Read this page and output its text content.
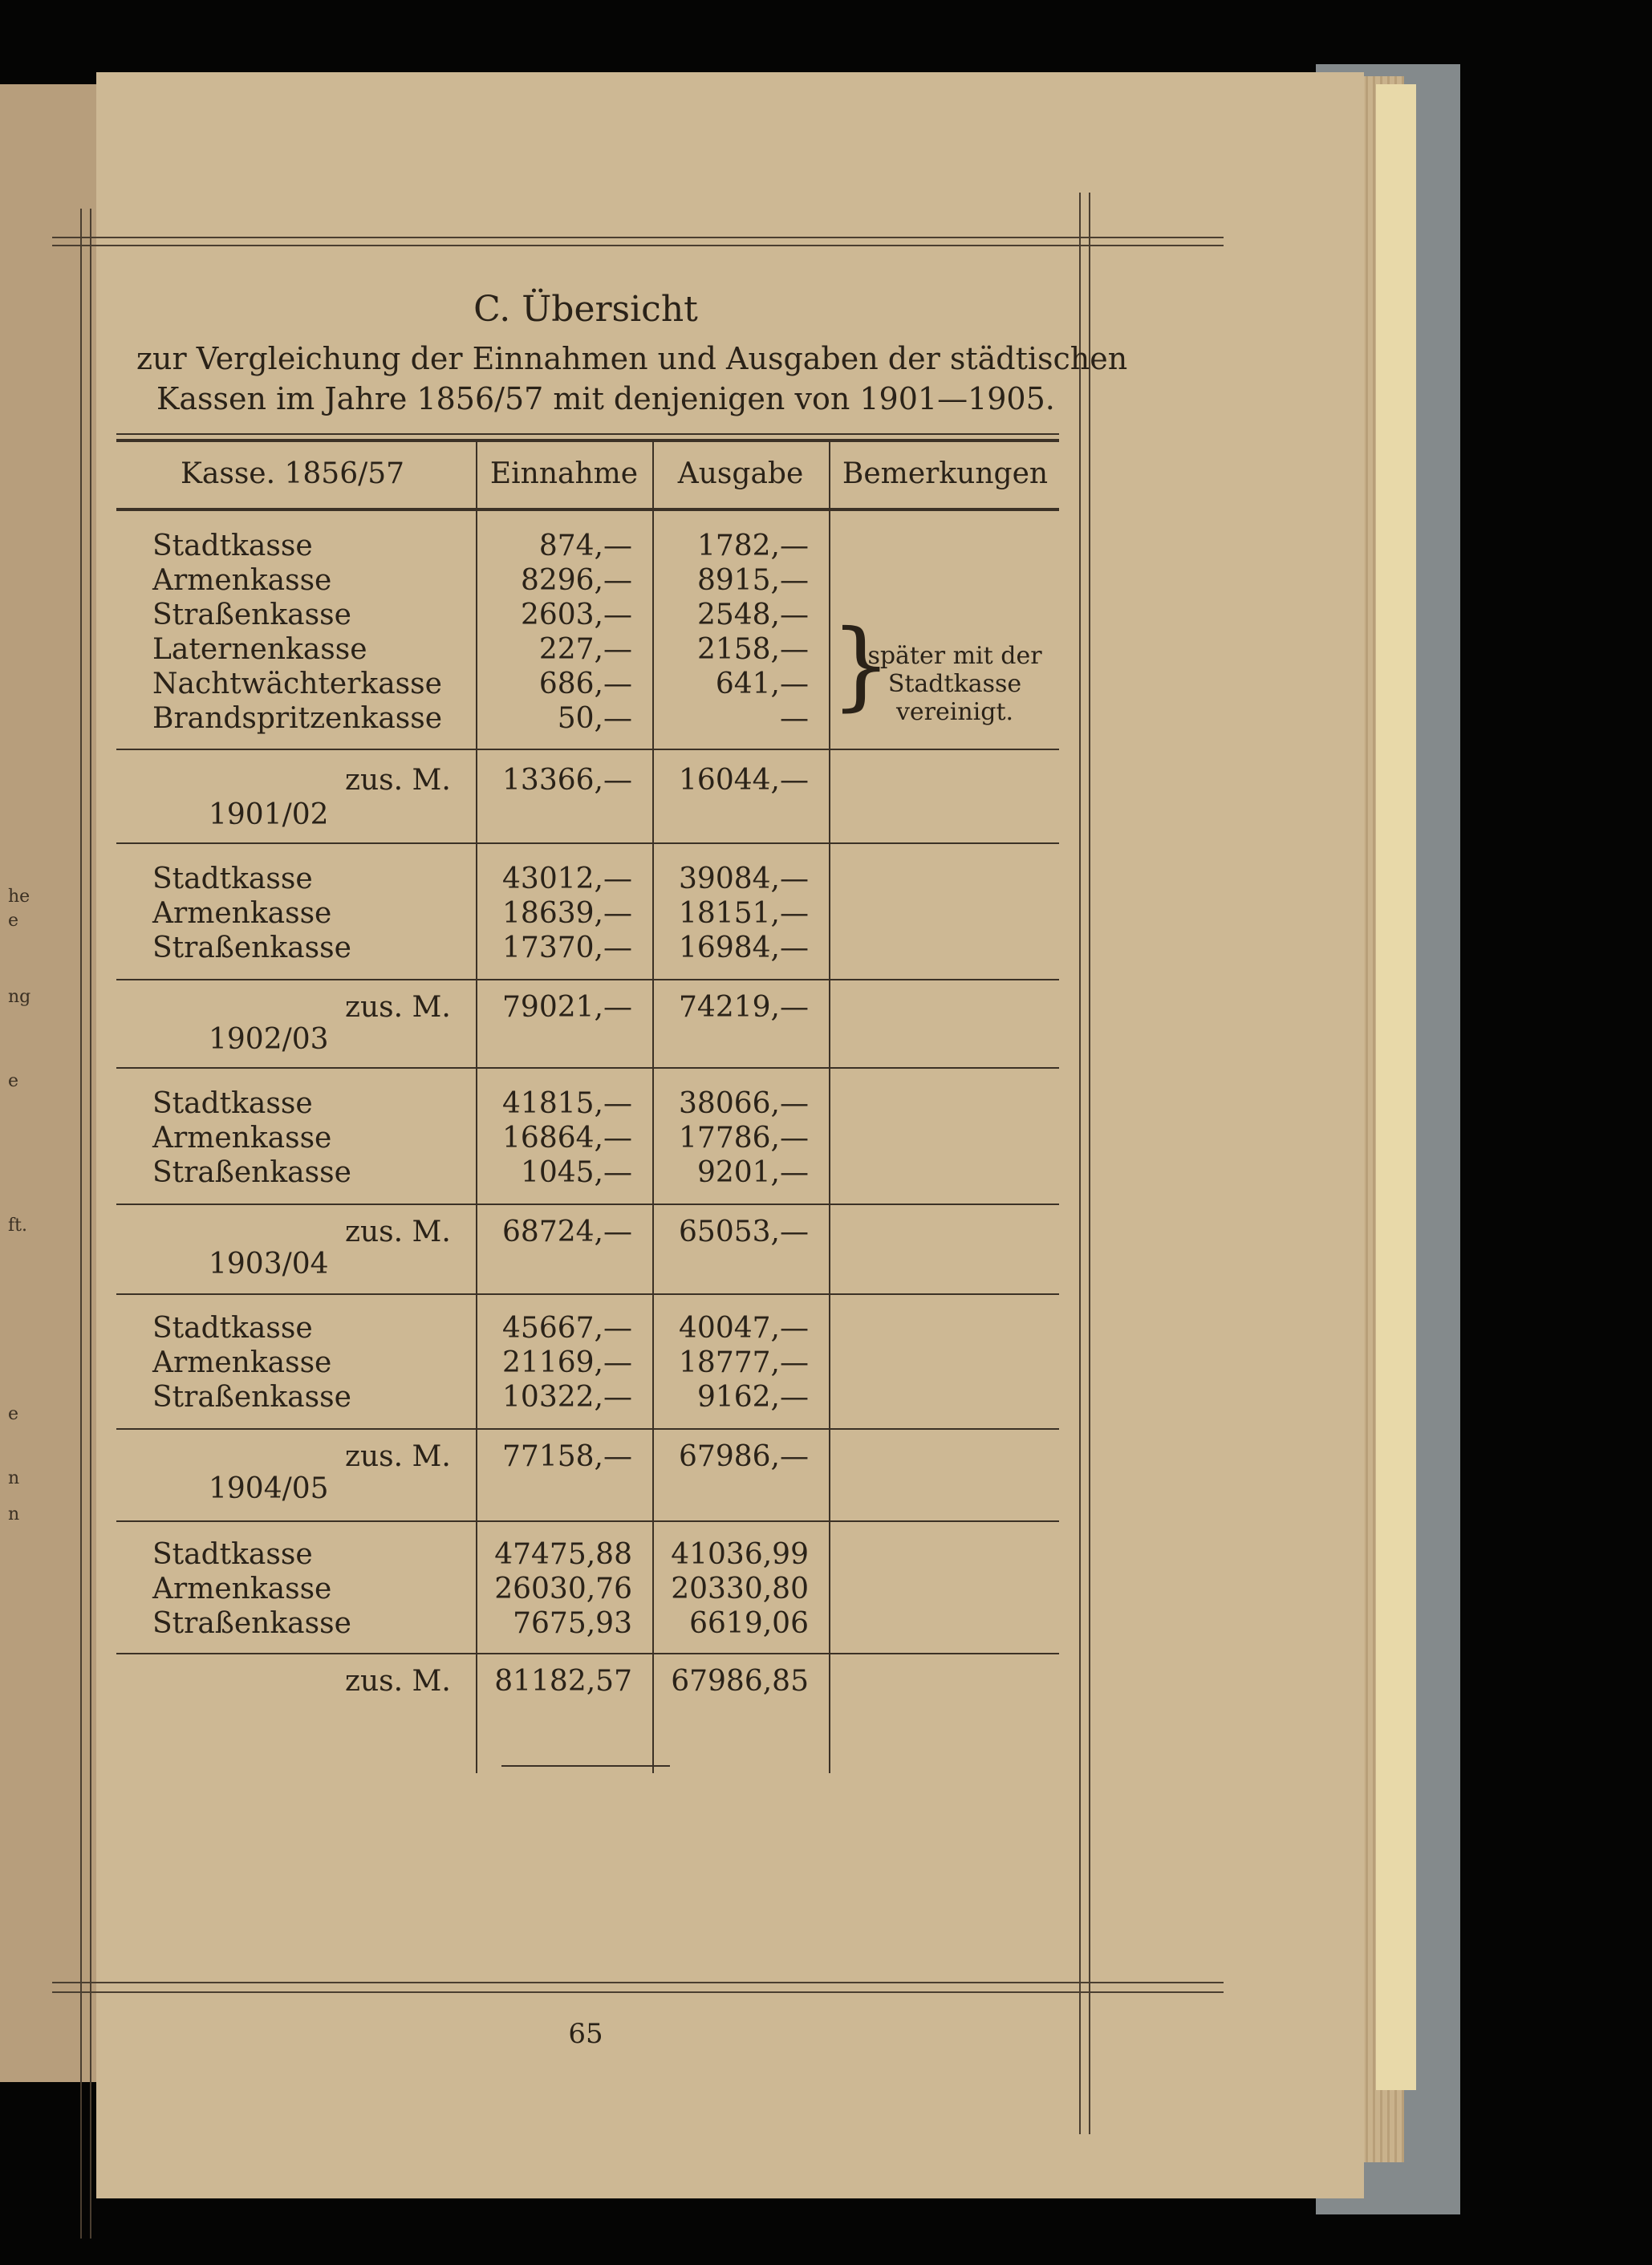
he
e
ng
e
ft.
e
n
n
C. Übersicht
zur Vergleichung der Einnahmen und Ausgaben der städtischen
Kassen im Jahre 1856/57 mit denjenigen von 1901—1905.
Kasse. 1856/57	Einnahme	Ausgabe	Bemerkungen
Stadtkasse	874,—	1782,—
Armenkasse	8296,—	8915,—
Straßenkasse	2603,—	2548,—
Laternenkasse	227,—	2158,—
Nachtwächterkasse	686,—	641,—
Brandspritzenkasse	50,—	— }
später mit der
Stadtkasse
vereinigt.
zus. M.	13366,—	16044,—
1901/02
Stadtkasse	43012,—	39084,—
Armenkasse	18639,—	18151,—
Straßenkasse	17370,—	16984,—
zus. M.	79021,—	74219,—
1902/03
Stadtkasse	41815,—	38066,—
Armenkasse	16864,—	17786,—
Straßenkasse	1045,—	9201,—
zus. M.	68724,—	65053,—
1903/04
Stadtkasse	45667,—	40047,—
Armenkasse	21169,—	18777,—
Straßenkasse	10322,—	9162,—
zus. M.	77158,—	67986,—
1904/05
Stadtkasse	47475,88	41036,99
Armenkasse	26030,76	20330,80
Straßenkasse	7675,93	6619,06
zus. M.	81182,57	67986,85
65
